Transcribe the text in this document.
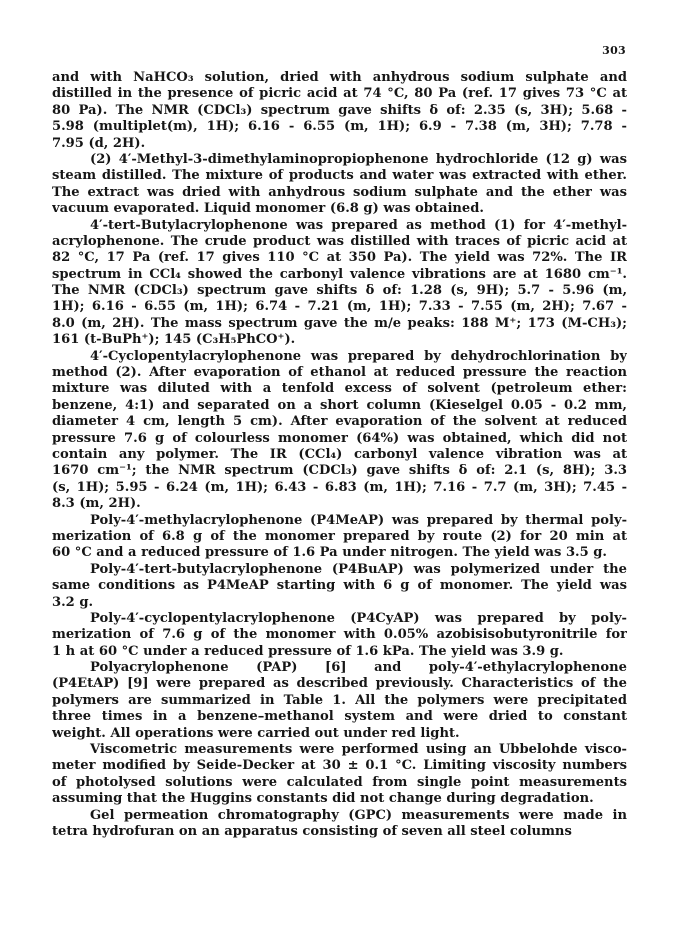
303
and with NaHCO₃ solution, dried with anhydrous sodium sulphate and
distilled in the presence of picric acid at 74 °C, 80 Pa (ref. 17 gives 73 °C at
80 Pa). The NMR (CDCl₃) spectrum gave shifts δ of: 2.35 (s, 3H); 5.68 -
5.98 (multiplet(m), 1H); 6.16 - 6.55 (m, 1H); 6.9 - 7.38 (m, 3H); 7.78 -
7.95 (d, 2H).
(2) 4′-Methyl-3-dimethylaminopropiophenone hydrochloride (12 g) was
steam distilled. The mixture of products and water was extracted with ether.
The extract was dried with anhydrous sodium sulphate and the ether was
vacuum evaporated. Liquid monomer (6.8 g) was obtained.
4′-tert-Butylacrylophenone was prepared as method (1) for 4′-methyl-
acrylophenone. The crude product was distilled with traces of picric acid at
82 °C, 17 Pa (ref. 17 gives 110 °C at 350 Pa). The yield was 72%. The IR
spectrum in CCl₄ showed the carbonyl valence vibrations are at 1680 cm⁻¹.
The NMR (CDCl₃) spectrum gave shifts δ of: 1.28 (s, 9H); 5.7 - 5.96 (m,
1H); 6.16 - 6.55 (m, 1H); 6.74 - 7.21 (m, 1H); 7.33 - 7.55 (m, 2H); 7.67 -
8.0 (m, 2H). The mass spectrum gave the m/e peaks: 188 M⁺; 173 (M-CH₃);
161 (t-BuPh⁺); 145 (C₃H₅PhCO⁺).
4′-Cyclopentylacrylophenone was prepared by dehydrochlorination by
method (2). After evaporation of ethanol at reduced pressure the reaction
mixture was diluted with a tenfold excess of solvent (petroleum ether:
benzene, 4:1) and separated on a short column (Kieselgel 0.05 - 0.2 mm,
diameter 4 cm, length 5 cm). After evaporation of the solvent at reduced
pressure 7.6 g of colourless monomer (64%) was obtained, which did not
contain any polymer. The IR (CCl₄) carbonyl valence vibration was at
1670 cm⁻¹; the NMR spectrum (CDCl₃) gave shifts δ of: 2.1 (s, 8H); 3.3
(s, 1H); 5.95 - 6.24 (m, 1H); 6.43 - 6.83 (m, 1H); 7.16 - 7.7 (m, 3H); 7.45 -
8.3 (m, 2H).
Poly-4′-methylacrylophenone (P4MeAP) was prepared by thermal poly-
merization of 6.8 g of the monomer prepared by route (2) for 20 min at
60 °C and a reduced pressure of 1.6 Pa under nitrogen. The yield was 3.5 g.
Poly-4′-tert-butylacrylophenone (P4BuAP) was polymerized under the
same conditions as P4MeAP starting with 6 g of monomer. The yield was
3.2 g.
Poly-4′-cyclopentylacrylophenone (P4CyAP) was prepared by poly-
merization of 7.6 g of the monomer with 0.05% azobisisobutyronitrile for
1 h at 60 °C under a reduced pressure of 1.6 kPa. The yield was 3.9 g.
Polyacrylophenone (PAP) [6] and poly-4′-ethylacrylophenone
(P4EtAP) [9] were prepared as described previously. Characteristics of the
polymers are summarized in Table 1. All the polymers were precipitated
three times in a benzene–methanol system and were dried to constant
weight. All operations were carried out under red light.
Viscometric measurements were performed using an Ubbelohde visco-
meter modified by Seide-Decker at 30 ± 0.1 °C. Limiting viscosity numbers
of photolysed solutions were calculated from single point measurements
assuming that the Huggins constants did not change during degradation.
Gel permeation chromatography (GPC) measurements were made in
tetra hydrofuran on an apparatus consisting of seven all steel columns
